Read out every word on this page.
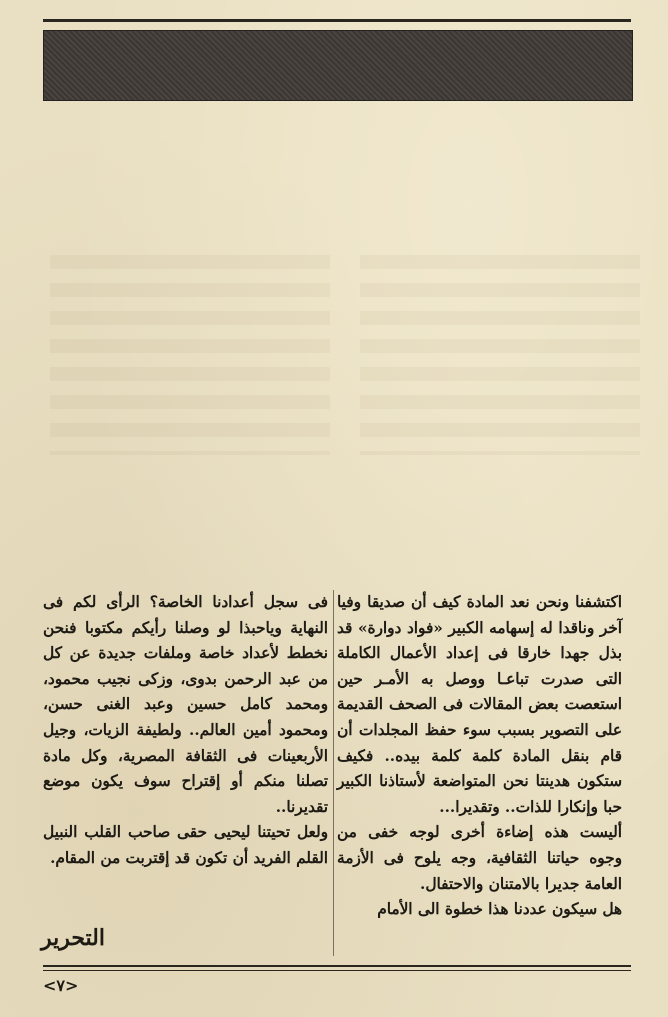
اكتشفنا ونحن نعد المادة كيف أن صديقا وفيا آخر وناقدا له إسهامه الكبير «فواد دوارة» قد بذل جهدا خارقا فى إعداد الأعمال الكاملة التى صدرت تباعـا ووصل به الأمـر حين استعصت بعض المقالات فى الصحف القديمة على التصوير بسبب سوء حفظ المجلدات أن قام بنقل المادة كلمة كلمة بيده.. فكيف ستكون هدينتا نحن المتواضعة لأستاذنا الكبير حبا وإنكارا للذات.. وتقديرا...

أليست هذه إضاءة أخرى لوجه خفى من وجوه حياتنا الثقافية، وجه يلوح فى الأزمة العامة جديرا بالامتنان والاحتفال.

هل سيكون عددنا هذا خطوة الى الأمام

فى سجل أعدادنا الخاصة؟ الرأى لكم فى النهاية وياحبذا لو وصلنا رأيكم مكتوبا فنحن نخطط لأعداد خاصة وملفات جديدة عن كل من عبد الرحمن بدوى، وزكى نجيب محمود، ومحمد كامل حسين وعبد الغنى حسن، ومحمود أمين العالم.. ولطيفة الزيات، وجيل الأربعينات فى الثقافة المصرية، وكل مادة تصلنا منكم أو إقتراح سوف يكون موضع تقديرنا..

ولعل تحيتنا ليحيى حقى صاحب القلب النبيل القلم الفريد أن تكون قد إقتربت من المقام.

التحرير
<٧>
